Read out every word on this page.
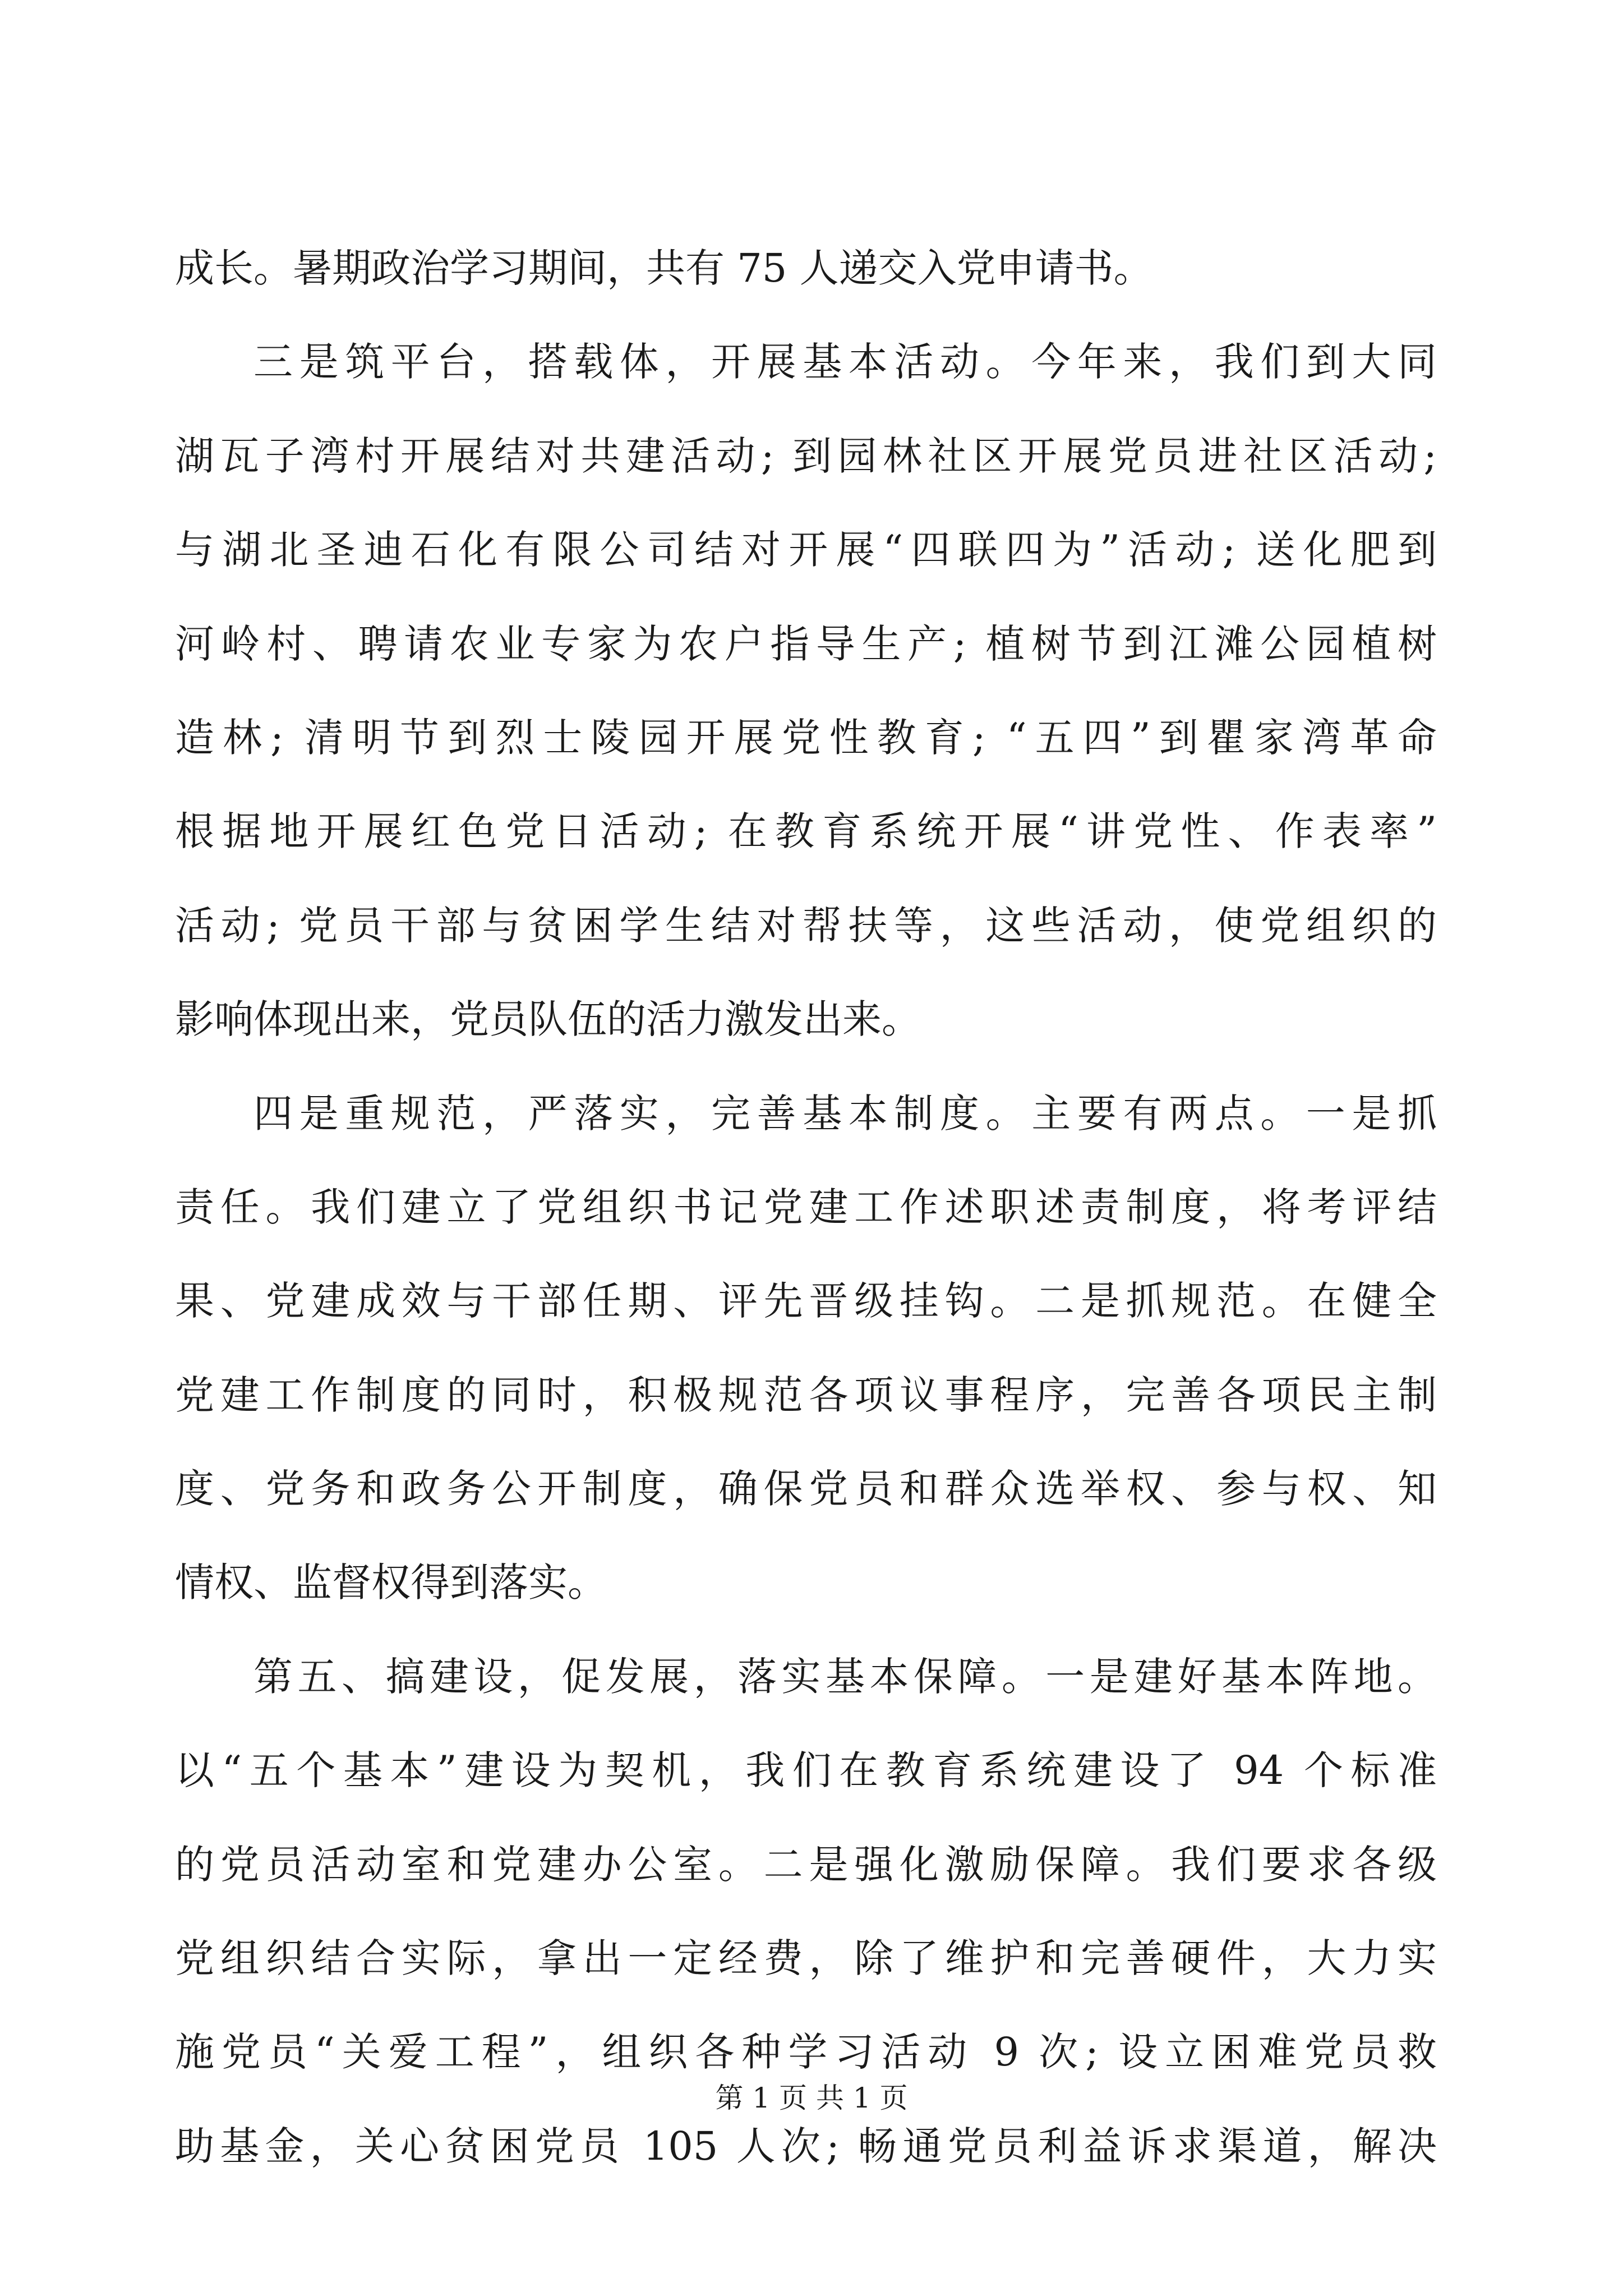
成长。暑期政治学习期间，共有 75 人递交入党申请书。
三是筑平台，搭载体，开展基本活动。今年来，我们到大同
湖瓦子湾村开展结对共建活动; 到园林社区开展党员进社区活动;
与湖北圣迪石化有限公司结对开展“四联四为”活动; 送化肥到
河岭村、聘请农业专家为农户指导生产; 植树节到江滩公园植树
造林; 清明节到烈士陵园开展党性教育; “五四”到瞿家湾革命
根据地开展红色党日活动; 在教育系统开展“讲党性、作表率”
活动; 党员干部与贫困学生结对帮扶等，这些活动，使党组织的
影响体现出来，党员队伍的活力激发出来。
四是重规范，严落实，完善基本制度。主要有两点。一是抓
责任。我们建立了党组织书记党建工作述职述责制度，将考评结
果、党建成效与干部任期、评先晋级挂钩。二是抓规范。在健全
党建工作制度的同时，积极规范各项议事程序，完善各项民主制
度、党务和政务公开制度，确保党员和群众选举权、参与权、知
情权、监督权得到落实。
第五、搞建设，促发展，落实基本保障。一是建好基本阵地。
以“五个基本”建设为契机，我们在教育系统建设了 94 个标准
的党员活动室和党建办公室。二是强化激励保障。我们要求各级
党组织结合实际，拿出一定经费，除了维护和完善硬件，大力实
施党员“关爱工程”，组织各种学习活动 9 次; 设立困难党员救
助基金，关心贫困党员 105 人次; 畅通党员利益诉求渠道，解决
第 1 页 共 1 页
